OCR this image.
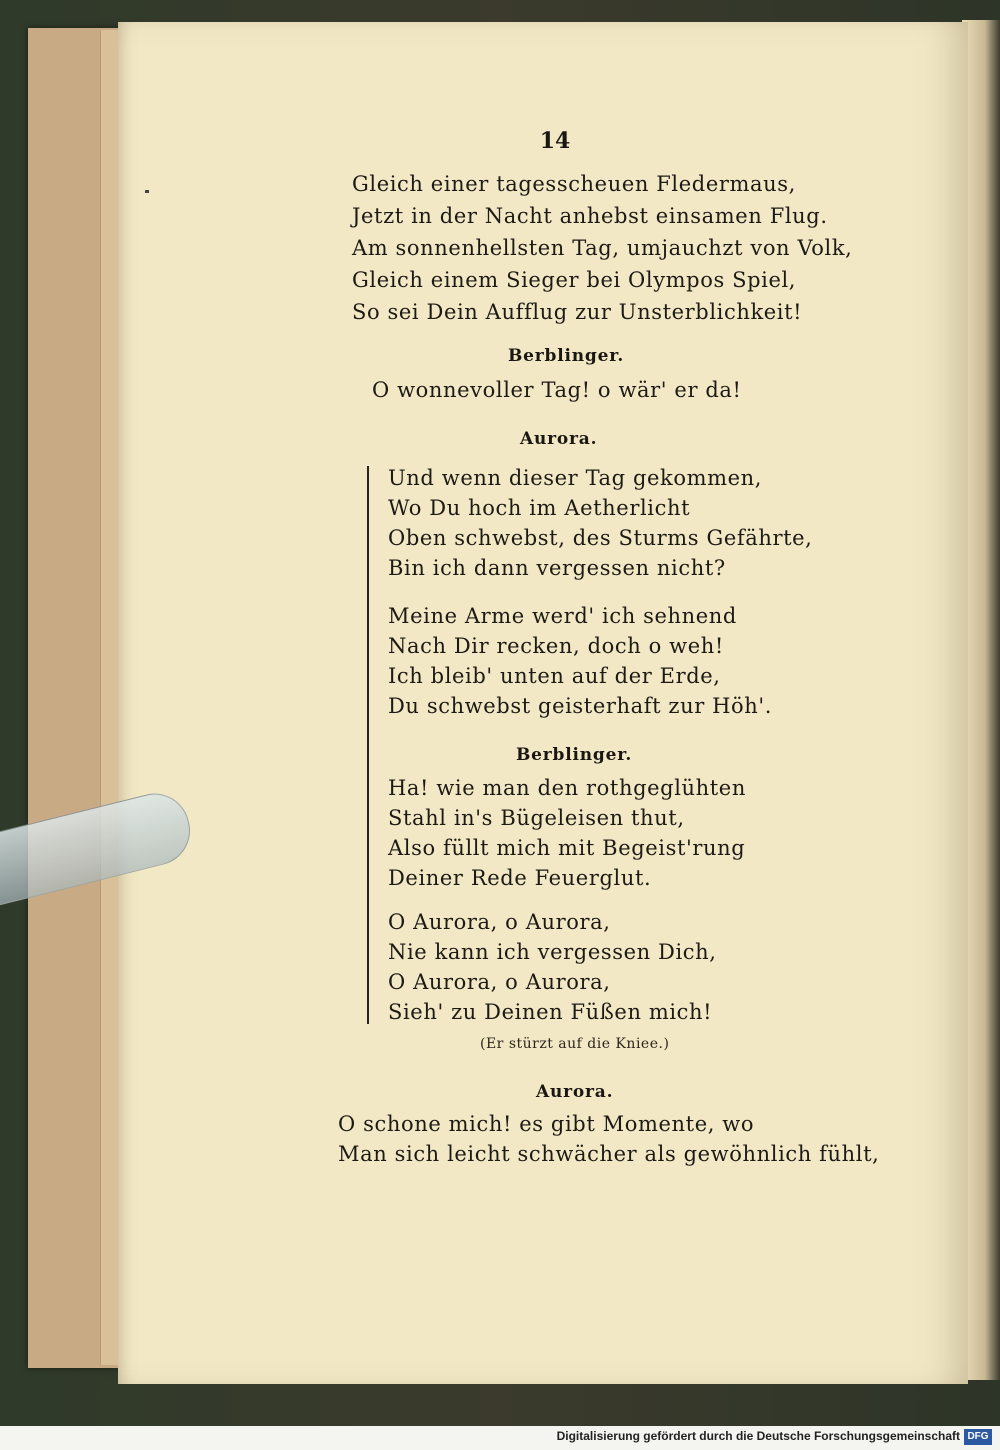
14
Gleich einer tagesscheuen Fledermaus,
Jetzt in der Nacht anhebst einsamen Flug.
Am sonnenhellsten Tag, umjauchzt von Volk,
Gleich einem Sieger bei Olympos Spiel,
So sei Dein Aufflug zur Unsterblichkeit!
Berblinger.
O wonnevoller Tag! o wär' er da!
Aurora.
Und wenn dieser Tag gekommen,
Wo Du hoch im Aetherlicht
Oben schwebst, des Sturms Gefährte,
Bin ich dann vergessen nicht?
Meine Arme werd' ich sehnend
Nach Dir recken, doch o weh!
Ich bleib' unten auf der Erde,
Du schwebst geisterhaft zur Höh'.
Berblinger.
Ha! wie man den rothgeglühten
Stahl in's Bügeleisen thut,
Also füllt mich mit Begeist'rung
Deiner Rede Feuerglut.
O Aurora, o Aurora,
Nie kann ich vergessen Dich,
O Aurora, o Aurora,
Sieh' zu Deinen Füßen mich!
(Er stürzt auf die Kniee.)
Aurora.
O schone mich! es gibt Momente, wo
Man sich leicht schwächer als gewöhnlich fühlt,
Digitalisierung gefördert durch die Deutsche Forschungsgemeinschaft DFG
